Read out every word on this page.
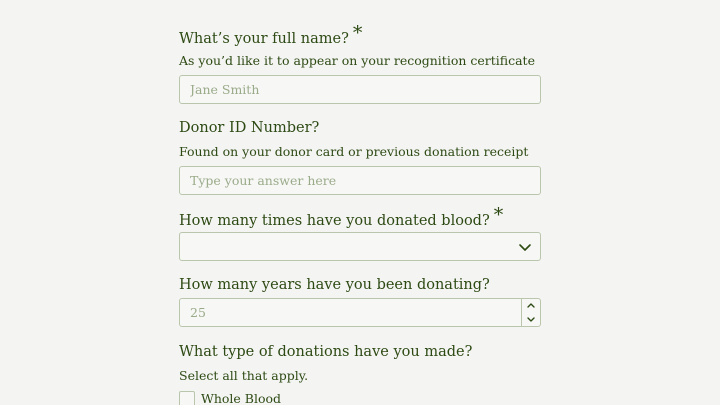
What’s your full name? *
As you’d like it to appear on your recognition certificate
Jane Smith
Donor ID Number?
Found on your donor card or previous donation receipt
Type your answer here
How many times have you donated blood? *
How many years have you been donating?
25
What type of donations have you made?
Select all that apply.
Whole Blood
